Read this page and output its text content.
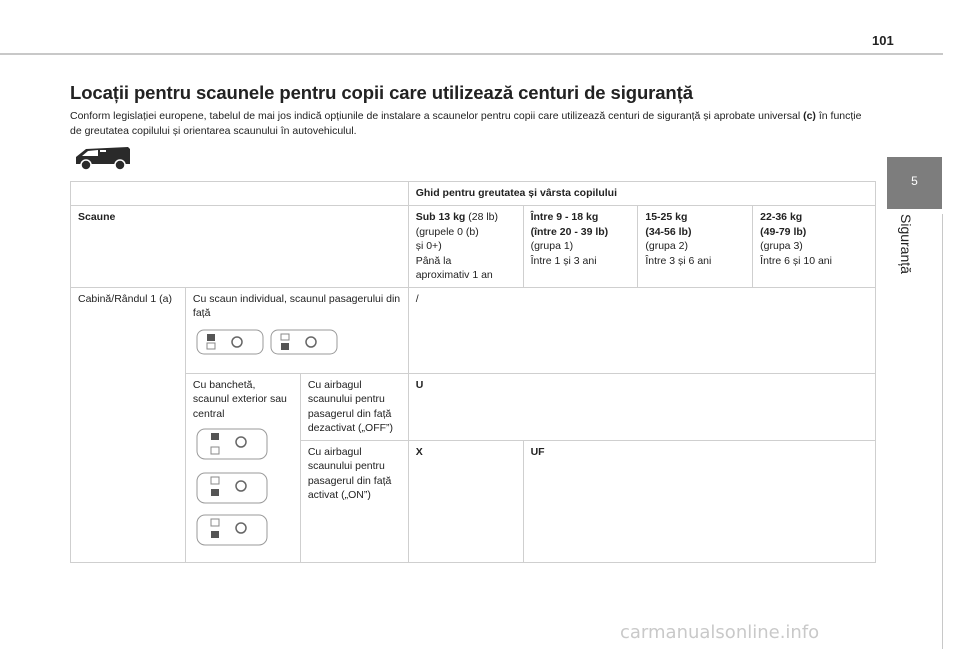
101
5
Siguranță
Locații pentru scaunele pentru copii care utilizează centuri de siguranță
Conform legislației europene, tabelul de mai jos indică opțiunile de instalare a scaunelor pentru copii care utilizează centuri de siguranță și aprobate universal (c) în funcție de greutatea copilului și orientarea scaunului în autovehiculul.
			Ghid pentru greutatea și vârsta copilului			
Scaune			Sub 13 kg (28 lb)
(grupele 0 (b)
și 0+)
Până la
aproximativ 1 an	Între 9 - 18 kg
(între 20 - 39 lb)
(grupa 1)
Între 1 și 3 ani	15-25 kg
(34-56 lb)
(grupa 2)
Între 3 și 6 ani	22-36 kg
(49-79 lb)
(grupa 3)
Între 6 și 10 ani
Cabină/Rândul 1 (a)	Cu scaun individual, scaunul pasagerului din față		/			
	Cu banchetă, scaunul exterior sau central	Cu airbagul scaunului pentru pasagerul din față dezactivat („OFF”)	U			
		Cu airbagul scaunului pentru pasagerul din față activat („ON”)	X	UF		
carmanualsonline.info
